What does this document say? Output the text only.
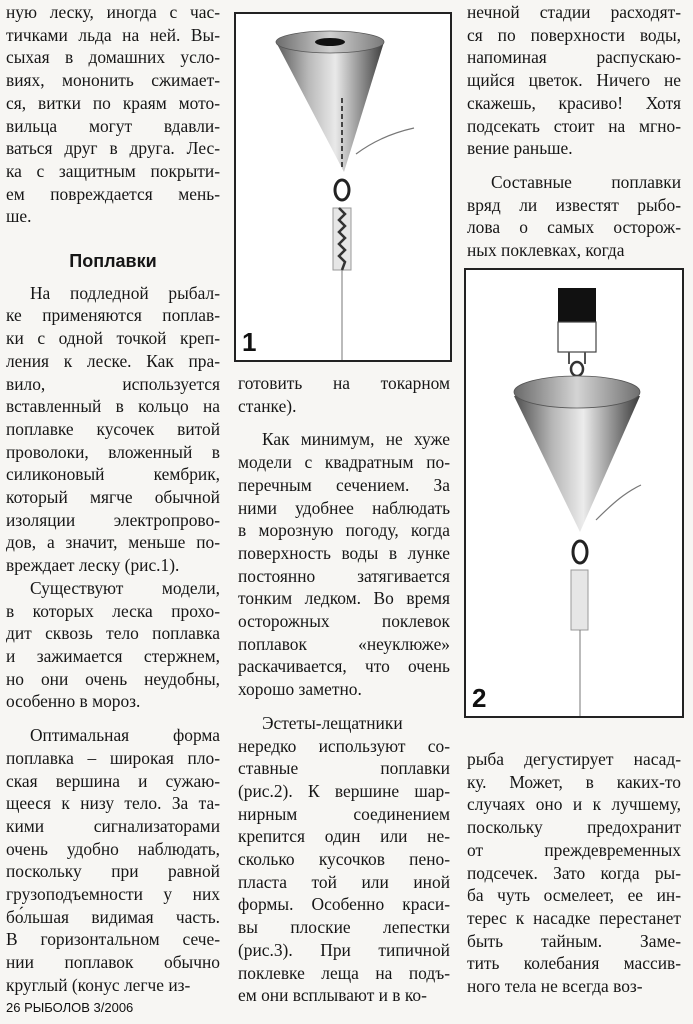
ную леску, иногда с час-
тичками льда на ней. Вы-
сыхая в домашних усло-
виях, мононить сжимает-
ся, витки по краям мото-
вильца могут вдавли-
ваться друг в друга. Лес-
ка с защитным покрыти-
ем повреждается мень-
ше.
Поплавки
На подледной рыбал-
ке применяются поплав-
ки с одной точкой креп-
ления к леске. Как пра-
вило, используется
вставленный в кольцо на
поплавке кусочек витой
проволоки, вложенный в
силиконовый кембрик,
который мягче обычной
изоляции электропрово-
дов, а значит, меньше по-
вреждает леску (рис.1).
Существуют модели,
в которых леска прохо-
дит сквозь тело поплавка
и зажимается стержнем,
но они очень неудобны,
особенно в мороз.
Оптимальная форма
поплавка – широкая пло-
ская вершина и сужаю-
щееся к низу тело. За та-
кими сигнализаторами
очень удобно наблюдать,
поскольку при равной
грузоподъемности у них
бо́льшая видимая часть.
В горизонтальном сече-
нии поплавок обычно
круглый (конус легче из-
1
готовить на токарном
станке).
Как минимум, не хуже
модели с квадратным по-
перечным сечением. За
ними удобнее наблюдать
в морозную погоду, когда
поверхность воды в лунке
постоянно затягивается
тонким ледком. Во время
осторожных поклевок
поплавок «неуклюже»
раскачивается, что очень
хорошо заметно.
Эстеты-лещатники
нередко используют со-
ставные поплавки
(рис.2). К вершине шар-
нирным соединением
крепится один или не-
сколько кусочков пено-
пласта той или иной
формы. Особенно краси-
вы плоские лепестки
(рис.3). При типичной
поклевке леща на подъ-
ем они всплывают и в ко-
нечной стадии расходят-
ся по поверхности воды,
напоминая распускаю-
щийся цветок. Ничего не
скажешь, красиво! Хотя
подсекать стоит на мгно-
вение раньше.
Составные поплавки
вряд ли известят рыбо-
лова о самых осторож-
ных поклевках, когда
2
рыба дегустирует насад-
ку. Может, в каких-то
случаях оно и к лучшему,
поскольку предохранит
от преждевременных
подсечек. Зато когда ры-
ба чуть осмелеет, ее ин-
терес к насадке перестанет
быть тайным. Заме-
тить колебания массив-
ного тела не всегда воз-
26 РЫБОЛОВ 3/2006
